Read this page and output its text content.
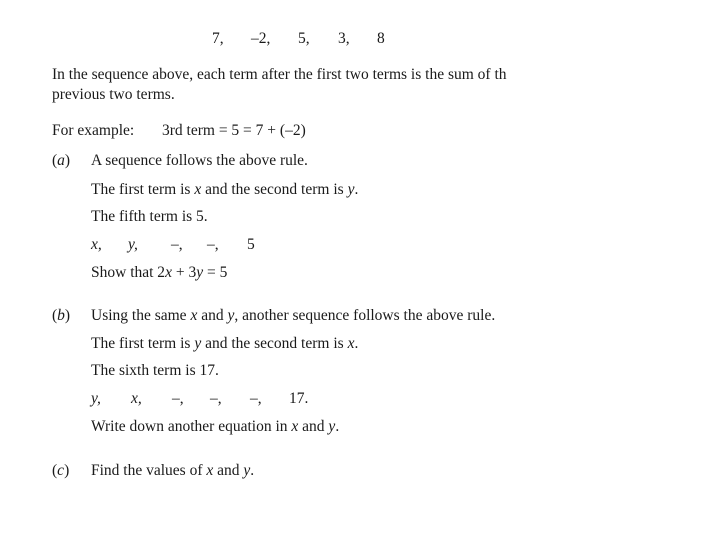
7, –2, 5, 3, 8
In the sequence above, each term after the first two terms is the sum of th
previous two terms.
For example: 3rd term = 5 = 7 + (–2)
(a) A sequence follows the above rule.
The first term is x and the second term is y.
The fifth term is 5.
x, y, –, –, 5
Show that 2x + 3y = 5
(b) Using the same x and y, another sequence follows the above rule.
The first term is y and the second term is x.
The sixth term is 17.
y, x, –, –, –, 17.
Write down another equation in x and y.
(c) Find the values of x and y.
